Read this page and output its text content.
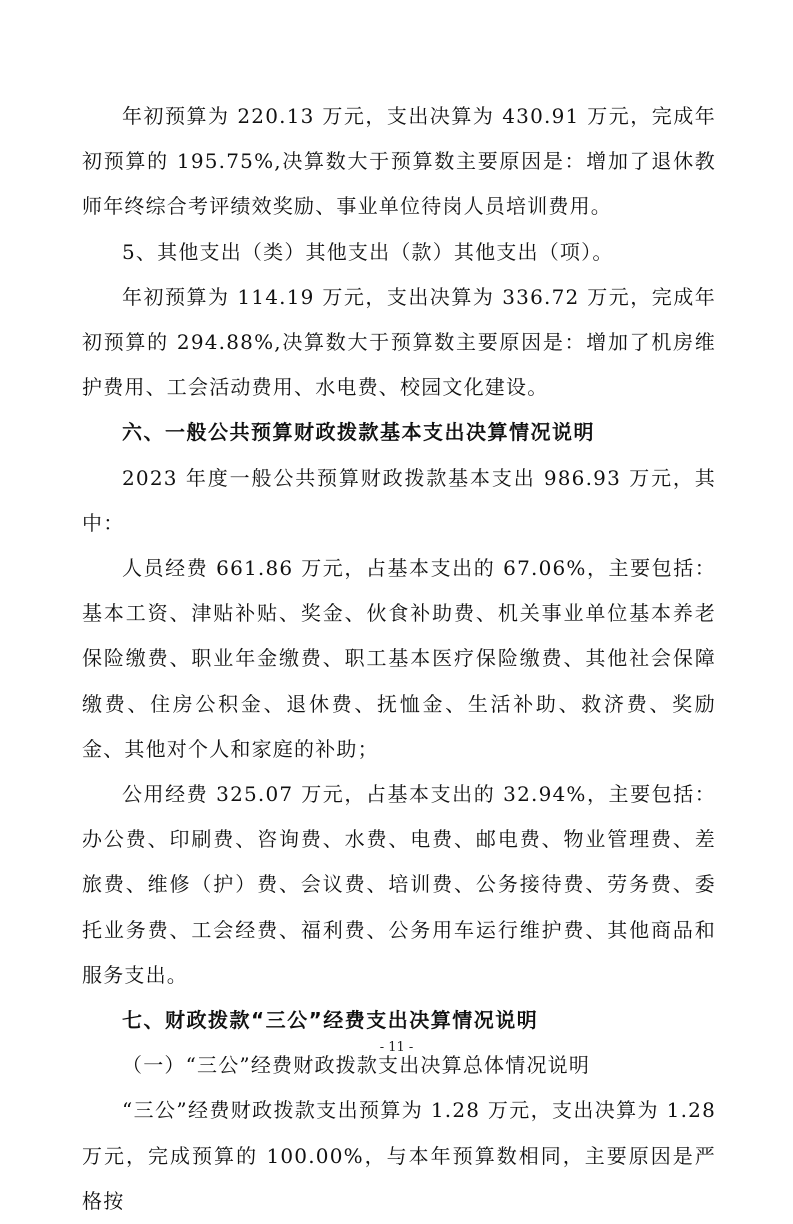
年初预算为 220.13 万元，支出决算为 430.91 万元，完成年初预算的 195.75%,决算数大于预算数主要原因是：增加了退休教师年终综合考评绩效奖励、事业单位待岗人员培训费用。

5、其他支出（类）其他支出（款）其他支出（项）。

年初预算为 114.19 万元，支出决算为 336.72 万元，完成年初预算的 294.88%,决算数大于预算数主要原因是：增加了机房维护费用、工会活动费用、水电费、校园文化建设。

六、一般公共预算财政拨款基本支出决算情况说明

2023 年度一般公共预算财政拨款基本支出 986.93 万元，其中：

人员经费 661.86 万元，占基本支出的 67.06%，主要包括：基本工资、津贴补贴、奖金、伙食补助费、机关事业单位基本养老保险缴费、职业年金缴费、职工基本医疗保险缴费、其他社会保障缴费、住房公积金、退休费、抚恤金、生活补助、救济费、奖励金、其他对个人和家庭的补助；

公用经费 325.07 万元，占基本支出的 32.94%，主要包括：办公费、印刷费、咨询费、水费、电费、邮电费、物业管理费、差旅费、维修（护）费、会议费、培训费、公务接待费、劳务费、委托业务费、工会经费、福利费、公务用车运行维护费、其他商品和服务支出。

七、财政拨款“三公”经费支出决算情况说明

（一）“三公”经费财政拨款支出决算总体情况说明

“三公”经费财政拨款支出预算为 1.28 万元，支出决算为 1.28 万元，完成预算的 100.00%，与本年预算数相同，主要原因是严格按

- 11 -
